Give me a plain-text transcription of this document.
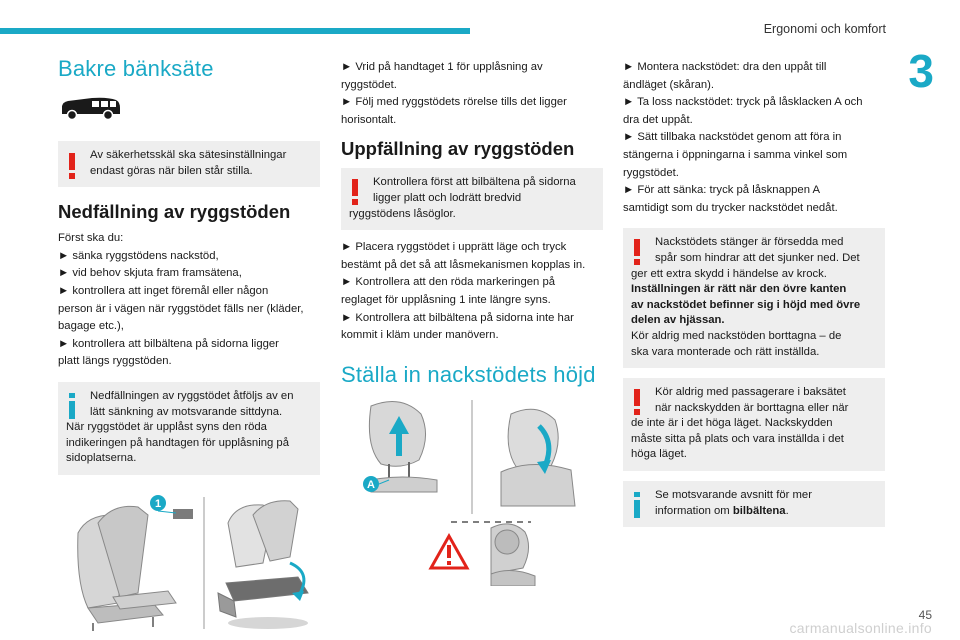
Ergonomi och komfort
3
Bakre bänksäte
Av säkerhetsskäl ska sätesinställningar
endast göras när bilen står stilla.
Nedfällning av ryggstöden
Först ska du:
► sänka ryggstödens nackstöd,
► vid behov skjuta fram framsätena,
► kontrollera att inget föremål eller någon
person är i vägen när ryggstödet fälls ner (kläder,
bagage etc.),
► kontrollera att bilbältena på sidorna ligger
platt längs ryggstöden.
Nedfällningen av ryggstödet åtföljs av en
lätt sänkning av motsvarande sittdyna.
När ryggstödet är upplåst syns den röda
indikeringen på handtagen för upplåsning på
sidoplatserna.
1
► Vrid på handtaget 1 för upplåsning av
ryggstödet.
► Följ med ryggstödets rörelse tills det ligger
horisontalt.
Uppfällning av ryggstöden
Kontrollera först att bilbältena på sidorna
ligger platt och lodrätt bredvid
ryggstödens låsöglor.
► Placera ryggstödet i upprätt läge och tryck
bestämt på det så att låsmekanismen kopplas in.
► Kontrollera att den röda markeringen på
reglaget för upplåsning 1 inte längre syns.
► Kontrollera att bilbältena på sidorna inte har
kommit i kläm under manövern.
Ställa in nackstödets höjd
A
► Montera nackstödet: dra den uppåt till
ändläget (skåran).
► Ta loss nackstödet: tryck på låsklacken A och
dra det uppåt.
► Sätt tillbaka nackstödet genom att föra in
stängerna i öppningarna i samma vinkel som
ryggstödet.
► För att sänka: tryck på låsknappen A
samtidigt som du trycker nackstödet nedåt.
Nackstödets stänger är försedda med
spår som hindrar att det sjunker ned. Det
ger ett extra skydd i händelse av krock.
Inställningen är rätt när den övre kanten
av nackstödet befinner sig i höjd med övre
delen av hjässan.
Kör aldrig med nackstöden borttagna – de
ska vara monterade och rätt inställda.
Kör aldrig med passagerare i baksätet
när nackskydden är borttagna eller när
de inte är i det höga läget. Nackskydden
måste sitta på plats och vara inställda i det
höga läget.
Se motsvarande avsnitt för mer
information om bilbältena.
45
carmanualsonline.info
